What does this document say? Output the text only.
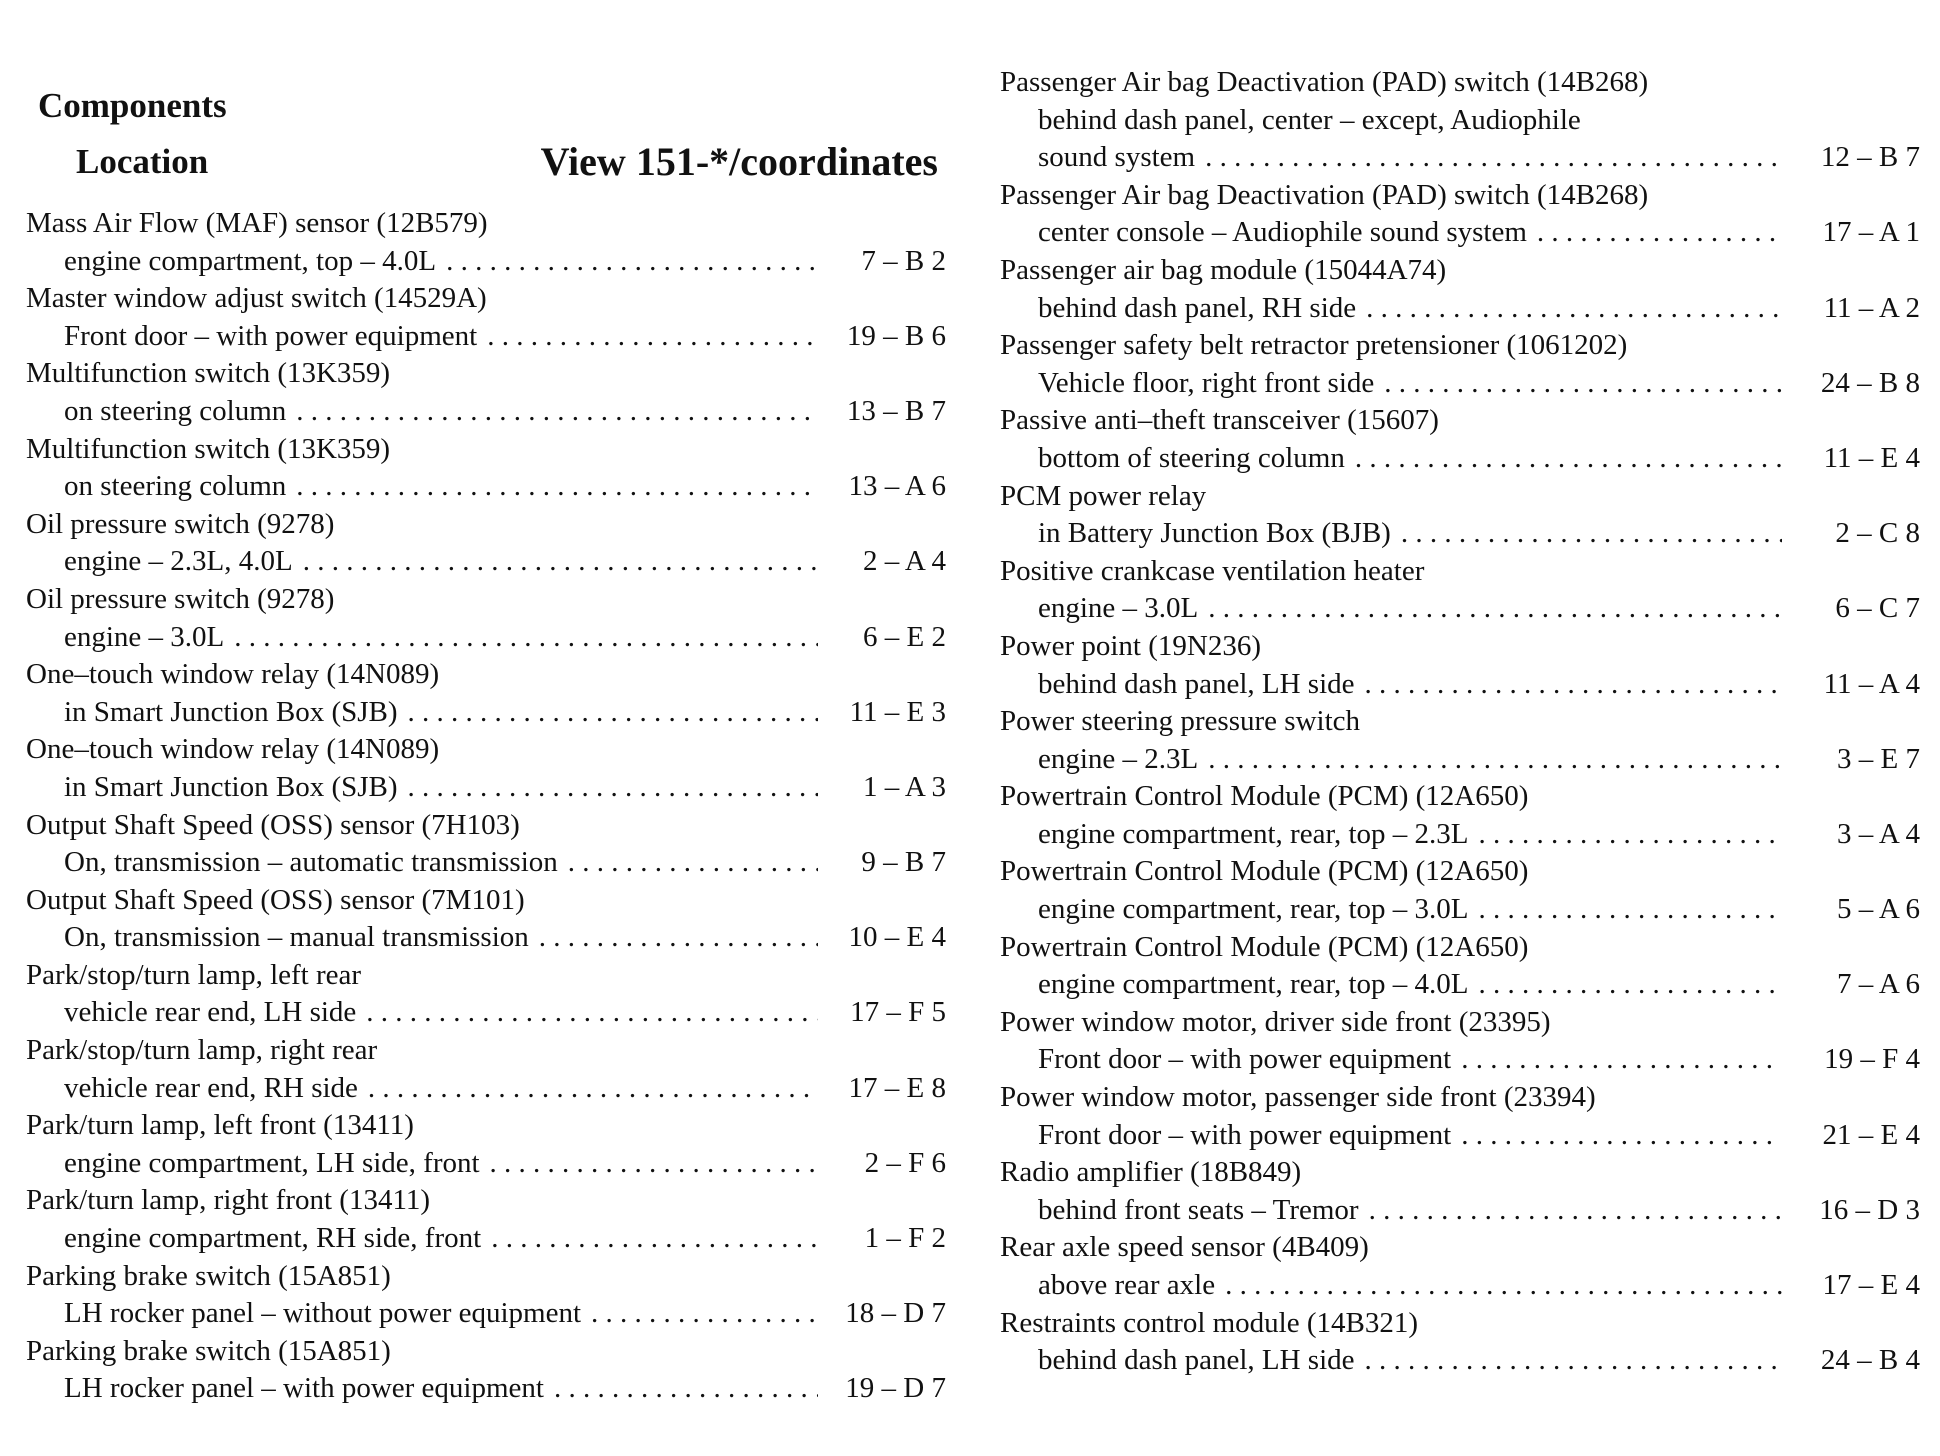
Components
Location	View 151-*/coordinates
Mass Air Flow (MAF) sensor (12B579)
engine compartment, top – 4.0L . . .	7 – B 2
Master window adjust switch (14529A)
Front door – with power equipment . . .	19 – B 6
Multifunction switch (13K359)
on steering column . . .	13 – B 7
Multifunction switch (13K359)
on steering column . . .	13 – A 6
Oil pressure switch (9278)
engine – 2.3L, 4.0L . . .	2 – A 4
Oil pressure switch (9278)
engine – 3.0L . . .	6 – E 2
One–touch window relay (14N089)
in Smart Junction Box (SJB) . . .	11 – E 3
One–touch window relay (14N089)
in Smart Junction Box (SJB) . . .	1 – A 3
Output Shaft Speed (OSS) sensor (7H103)
On, transmission – automatic transmission . . .	9 – B 7
Output Shaft Speed (OSS) sensor (7M101)
On, transmission – manual transmission . . .	10 – E 4
Park/stop/turn lamp, left rear
vehicle rear end, LH side . . .	17 – F 5
Park/stop/turn lamp, right rear
vehicle rear end, RH side . . .	17 – E 8
Park/turn lamp, left front (13411)
engine compartment, LH side, front . . .	2 – F 6
Park/turn lamp, right front (13411)
engine compartment, RH side, front . . .	1 – F 2
Parking brake switch (15A851)
LH rocker panel – without power equipment . . .	18 – D 7
Parking brake switch (15A851)
LH rocker panel – with power equipment . . .	19 – D 7
Passenger Air bag Deactivation (PAD) switch (14B268)
behind dash panel, center – except, Audiophile
sound system . . .	12 – B 7
Passenger Air bag Deactivation (PAD) switch (14B268)
center console – Audiophile sound system . . .	17 – A 1
Passenger air bag module (15044A74)
behind dash panel, RH side . . .	11 – A 2
Passenger safety belt retractor pretensioner (1061202)
Vehicle floor, right front side . . .	24 – B 8
Passive anti–theft transceiver (15607)
bottom of steering column . . .	11 – E 4
PCM power relay
in Battery Junction Box (BJB) . . .	2 – C 8
Positive crankcase ventilation heater
engine – 3.0L . . .	6 – C 7
Power point (19N236)
behind dash panel, LH side . . .	11 – A 4
Power steering pressure switch
engine – 2.3L . . .	3 – E 7
Powertrain Control Module (PCM) (12A650)
engine compartment, rear, top – 2.3L . . .	3 – A 4
Powertrain Control Module (PCM) (12A650)
engine compartment, rear, top – 3.0L . . .	5 – A 6
Powertrain Control Module (PCM) (12A650)
engine compartment, rear, top – 4.0L . . .	7 – A 6
Power window motor, driver side front (23395)
Front door – with power equipment . . .	19 – F 4
Power window motor, passenger side front (23394)
Front door – with power equipment . . .	21 – E 4
Radio amplifier (18B849)
behind front seats – Tremor . . .	16 – D 3
Rear axle speed sensor (4B409)
above rear axle . . .	17 – E 4
Restraints control module (14B321)
behind dash panel, LH side . . .	24 – B 4
